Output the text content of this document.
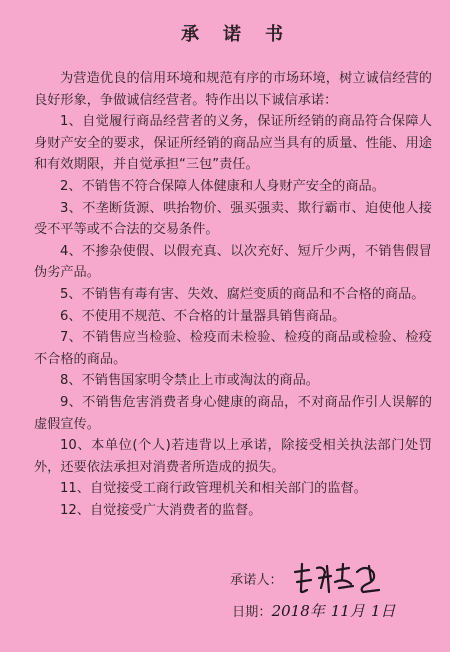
承诺书

为营造优良的信用环境和规范有序的市场环境，树立诚信经营的良好形象，争做诚信经营者。特作出以下诚信承诺：

1、自觉履行商品经营者的义务，保证所经销的商品符合保障人身财产安全的要求，保证所经销的商品应当具有的质量、性能、用途和有效期限，并自觉承担“三包”责任。

2、不销售不符合保障人体健康和人身财产安全的商品。

3、不垄断货源、哄抬物价、强买强卖、欺行霸市、迫使他人接受不平等或不合法的交易条件。

4、不掺杂使假、以假充真、以次充好、短斤少两，不销售假冒伪劣产品。

5、不销售有毒有害、失效、腐烂变质的商品和不合格的商品。

6、不使用不规范、不合格的计量器具销售商品。

7、不销售应当检验、检疫而未检验、检疫的商品或检验、检疫不合格的商品。

8、不销售国家明令禁止上市或淘汰的商品。

9、不销售危害消费者身心健康的商品，不对商品作引人误解的虚假宣传。

10、本单位(个人)若违背以上承诺，除接受相关执法部门处罚外，还要依法承担对消费者所造成的损失。

11、自觉接受工商行政管理机关和相关部门的监督。

12、自觉接受广大消费者的监督。

承诺人：
日期： 2018年 11月 1日
